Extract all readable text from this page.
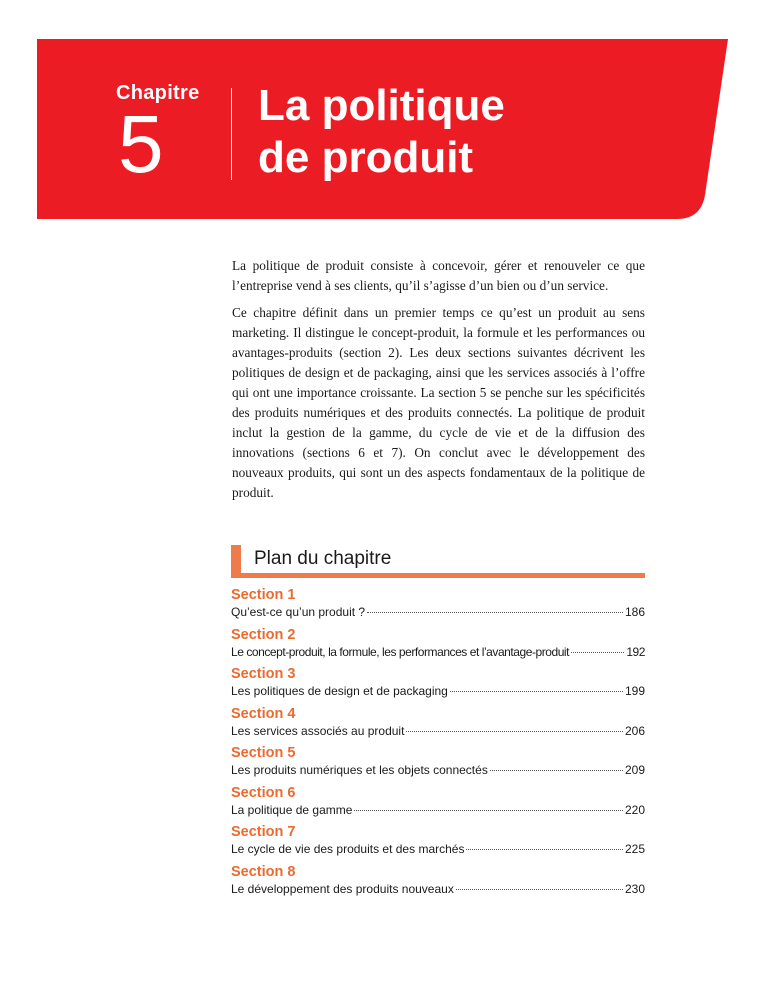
Chapitre
5 La politique
de produit

La politique de produit consiste à concevoir, gérer et renouveler ce que l’entreprise vend à ses clients, qu’il s’agisse d’un bien ou d’un service.

Ce chapitre définit dans un premier temps ce qu’est un produit au sens marketing. Il distingue le concept-produit, la formule et les performances ou avantages-produits (section 2). Les deux sections suivantes décrivent les politiques de design et de packaging, ainsi que les services associés à l’offre qui ont une importance croissante. La section 5 se penche sur les spécificités des produits numériques et des produits connectés. La politique de produit inclut la gestion de la gamme, du cycle de vie et de la diffusion des innovations (sections 6 et 7). On conclut avec le développement des nouveaux produits, qui sont un des aspects fondamentaux de la politique de produit.

Plan du chapitre
Section 1
Qu’est-ce qu’un produit ?	186
Section 2
Le concept-produit, la formule, les performances et l’avantage-produit	192
Section 3
Les politiques de design et de packaging	199
Section 4
Les services associés au produit	206
Section 5
Les produits numériques et les objets connectés	209
Section 6
La politique de gamme	220
Section 7
Le cycle de vie des produits et des marchés	225
Section 8
Le développement des produits nouveaux	230
